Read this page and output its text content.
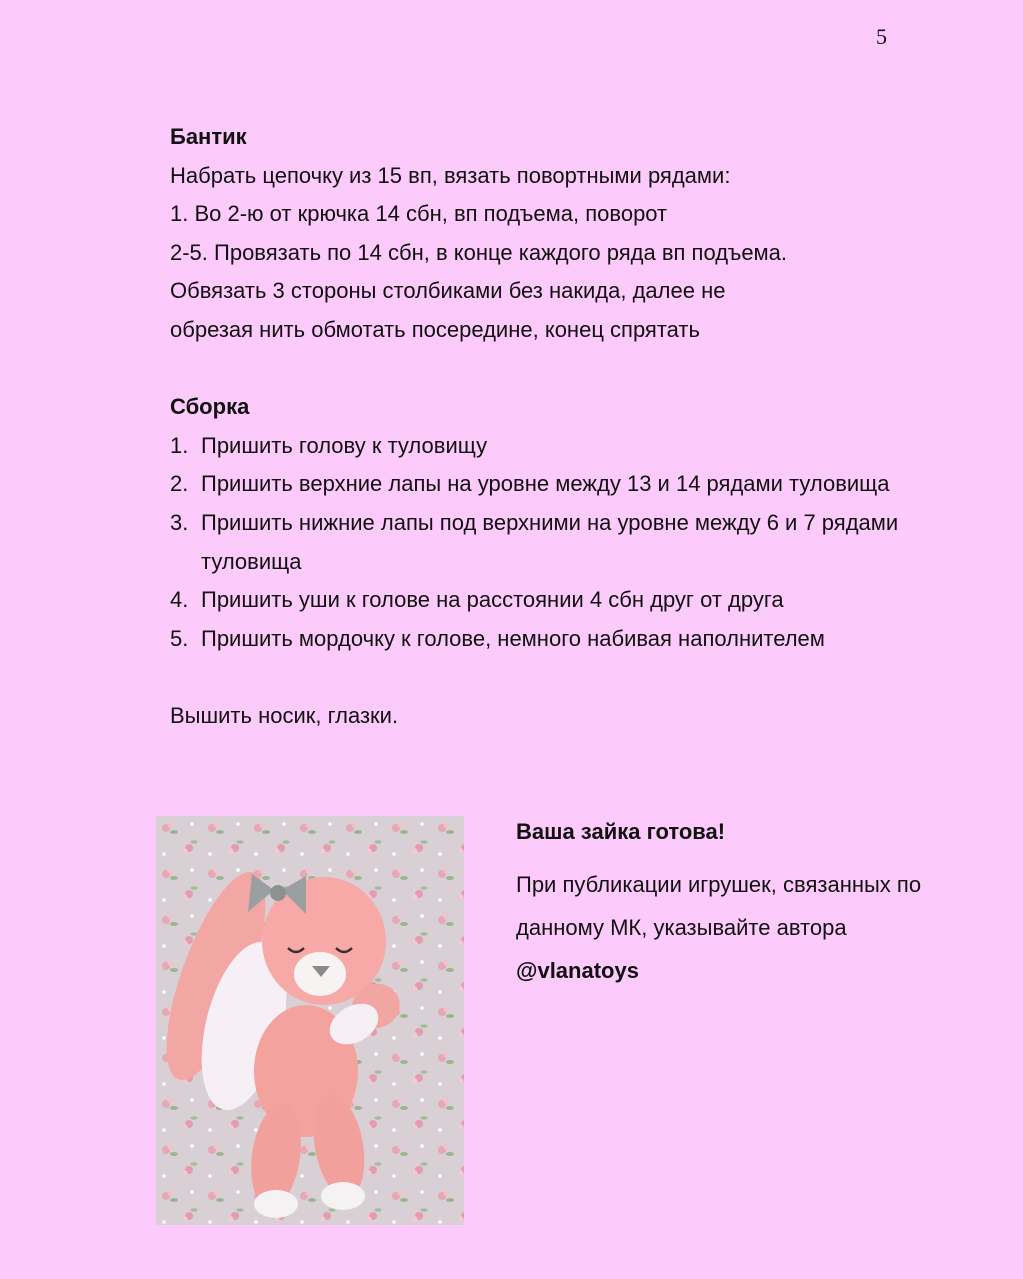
5
Бантик
Набрать цепочку из 15 вп, вязать повортными рядами:
1. Во 2-ю от крючка 14 сбн, вп подъема, поворот
2-5. Провязать по 14 сбн, в конце каждого ряда вп подъема.
Обвязать 3 стороны столбиками без накида, далее не
обрезая нить обмотать посередине, конец спрятать
Сборка
1. Пришить голову к туловищу
2. Пришить верхние лапы на уровне между 13 и 14 рядами туловища
3. Пришить нижние лапы под верхними на уровне между 6 и 7 рядами туловища
4. Пришить уши к голове на расстоянии 4 сбн друг от друга
5. Пришить мордочку к голове, немного набивая наполнителем
Вышить носик, глазки.
Ваша зайка готова!
При публикации игрушек, связанных по данному МК, указывайте автора @vlanatoys
